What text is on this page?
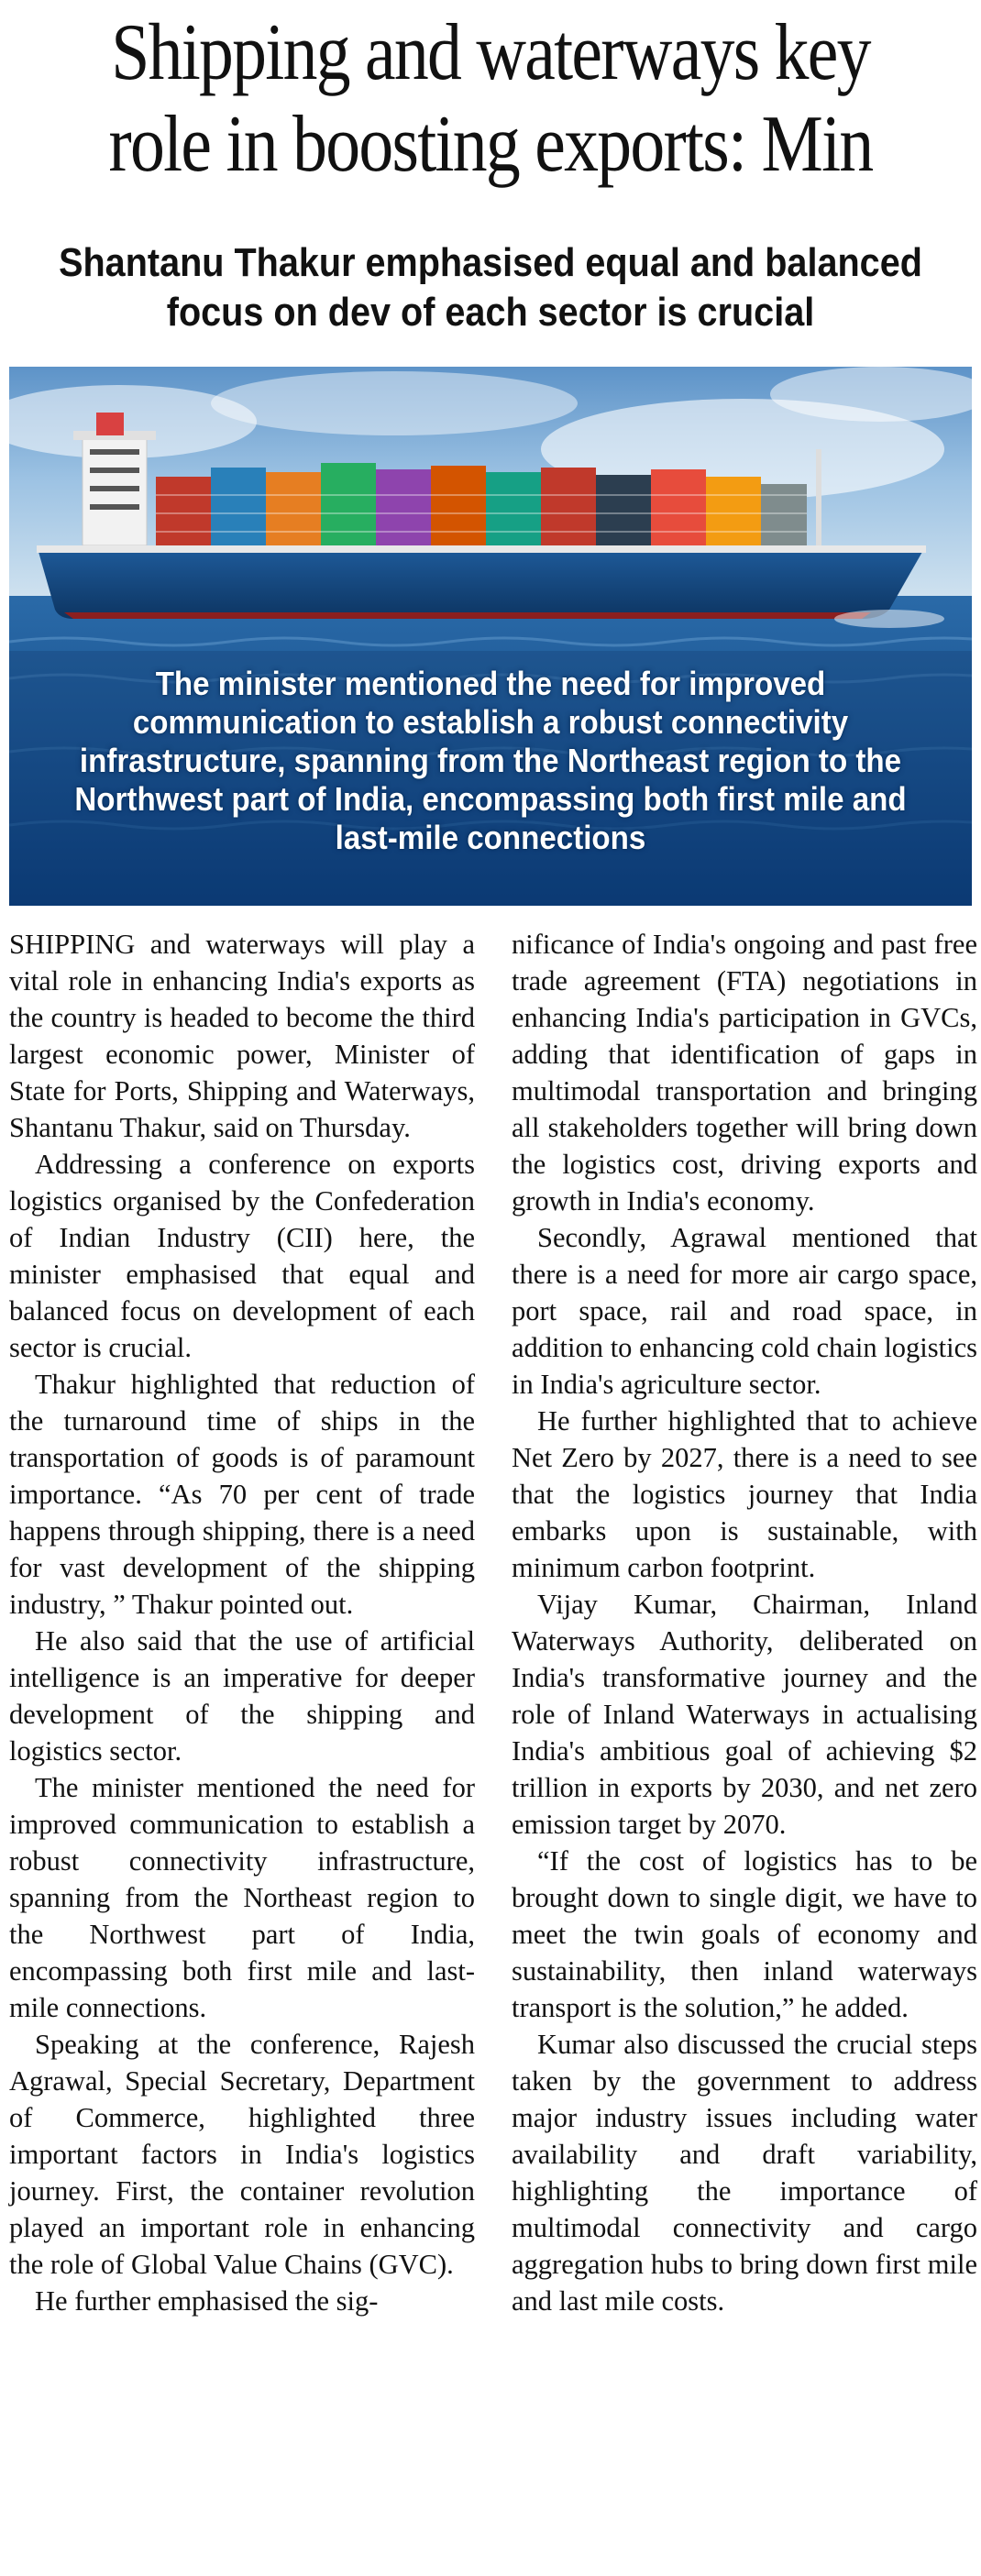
Shipping and waterways key
role in boosting exports: Min
Shantanu Thakur emphasised equal and balanced
focus on dev of each sector is crucial
The minister mentioned the need for improved communication to establish a robust connectivity infrastructure, spanning from the Northeast region to the Northwest part of India, encompassing both first mile and last-mile connections

SHIPPING and waterways will play a vital role in enhancing India's exports as the country is headed to become the third largest economic power, Minister of State for Ports, Shipping and Waterways, Shantanu Thakur, said on Thursday.

Addressing a conference on exports logistics organised by the Confederation of Indian Industry (CII) here, the minister emphasised that equal and balanced focus on development of each sector is crucial.

Thakur highlighted that reduction of the turnaround time of ships in the transportation of goods is of paramount importance. “As 70 per cent of trade happens through shipping, there is a need for vast development of the shipping industry, ” Thakur pointed out.

He also said that the use of artificial intelligence is an imperative for deeper development of the shipping and logistics sector.

The minister mentioned the need for improved communication to establish a robust connectivity infrastructure, spanning from the Northeast region to the Northwest part of India, encompassing both first mile and last-mile connections.

Speaking at the conference, Rajesh Agrawal, Special Secretary, Department of Commerce, highlighted three important factors in India's logistics journey. First, the container revolution played an important role in enhancing the role of Global Value Chains (GVC).

He further emphasised the sig-

nificance of India's ongoing and past free trade agreement (FTA) negotiations in enhancing India's participation in GVCs, adding that identification of gaps in multimodal transportation and bringing all stakeholders together will bring down the logistics cost, driving exports and growth in India's economy.

Secondly, Agrawal mentioned that there is a need for more air cargo space, port space, rail and road space, in addition to enhancing cold chain logistics in India's agriculture sector.

He further highlighted that to achieve Net Zero by 2027, there is a need to see that the logistics journey that India embarks upon is sustainable, with minimum carbon footprint.

Vijay Kumar, Chairman, Inland Waterways Authority, deliberated on India's transformative journey and the role of Inland Waterways in actualising India's ambitious goal of achieving $2 trillion in exports by 2030, and net zero emission target by 2070.

“If the cost of logistics has to be brought down to single digit, we have to meet the twin goals of economy and sustainability, then inland waterways transport is the solution,” he added.

Kumar also discussed the crucial steps taken by the government to address major industry issues including water availability and draft variability, highlighting the importance of multimodal connectivity and cargo aggregation hubs to bring down first mile and last mile costs.
